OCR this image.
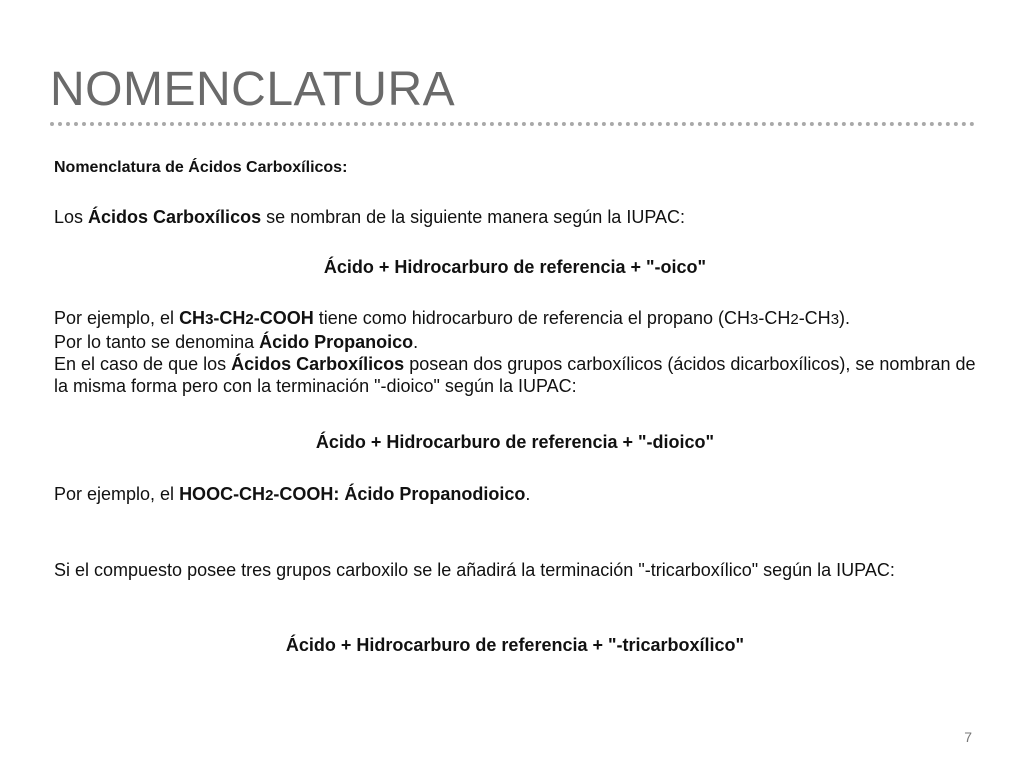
NOMENCLATURA
Nomenclatura de Ácidos Carboxílicos:

Los Ácidos Carboxílicos se nombran de la siguiente manera según la IUPAC:

Ácido + Hidrocarburo de referencia + "-oico"

Por ejemplo, el CH3-CH2-COOH tiene como hidrocarburo de referencia el propano (CH3-CH2-CH3).
Por lo tanto se denomina Ácido Propanoico.
En el caso de que los Ácidos Carboxílicos posean dos grupos carboxílicos (ácidos dicarboxílicos), se nombran de la misma forma pero con la terminación "-dioico" según la IUPAC:

Ácido + Hidrocarburo de referencia + "-dioico"

Por ejemplo, el HOOC-CH2-COOH: Ácido Propanodioico.

Si el compuesto posee tres grupos carboxilo se le añadirá la terminación "-tricarboxílico" según la IUPAC:

Ácido + Hidrocarburo de referencia + "-tricarboxílico"

7
